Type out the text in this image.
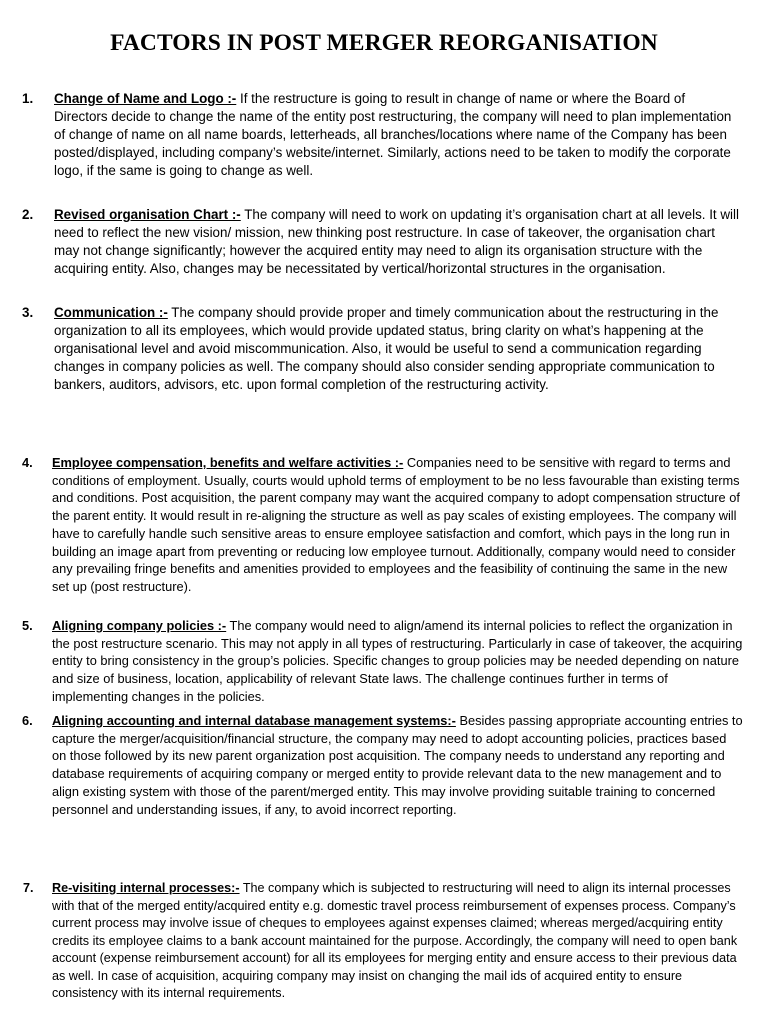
FACTORS IN POST MERGER REORGANISATION
1. Change of Name and Logo :- If the restructure is going to result in change of name or where the Board of Directors decide to change the name of the entity post restructuring, the company will need to plan implementation of change of name on all name boards, letterheads, all branches/locations where name of the Company has been posted/displayed, including company’s website/internet. Similarly, actions need to be taken to modify the corporate logo, if the same is going to change as well.
2. Revised organisation Chart :- The company will need to work on updating it’s organisation chart at all levels. It will need to reflect the new vision/ mission, new thinking post restructure. In case of takeover, the organisation chart may not change significantly; however the acquired entity may need to align its organisation structure with the acquiring entity. Also, changes may be necessitated by vertical/horizontal structures in the organisation.
3. Communication :- The company should provide proper and timely communication about the restructuring in the organization to all its employees, which would provide updated status, bring clarity on what’s happening at the organisational level and avoid miscommunication. Also, it would be useful to send a communication regarding changes in company policies as well. The company should also consider sending appropriate communication to bankers, auditors, advisors, etc. upon formal completion of the restructuring activity.
4. Employee compensation, benefits and welfare activities :- Companies need to be sensitive with regard to terms and conditions of employment. Usually, courts would uphold terms of employment to be no less favourable than existing terms and conditions. Post acquisition, the parent company may want the acquired company to adopt compensation structure of the parent entity. It would result in re-aligning the structure as well as pay scales of existing employees. The company will have to carefully handle such sensitive areas to ensure employee satisfaction and comfort, which pays in the long run in building an image apart from preventing or reducing low employee turnout. Additionally, company would need to consider any prevailing fringe benefits and amenities provided to employees and the feasibility of continuing the same in the new set up (post restructure).
5. Aligning company policies :- The company would need to align/amend its internal policies to reflect the organization in the post restructure scenario. This may not apply in all types of restructuring. Particularly in case of takeover, the acquiring entity to bring consistency in the group’s policies. Specific changes to group policies may be needed depending on nature and size of business, location, applicability of relevant State laws. The challenge continues further in terms of implementing changes in the policies.
6. Aligning accounting and internal database management systems:- Besides passing appropriate accounting entries to capture the merger/acquisition/financial structure, the company may need to adopt accounting policies, practices based on those followed by its new parent organization post acquisition. The company needs to understand any reporting and database requirements of acquiring company or merged entity to provide relevant data to the new management and to align existing system with those of the parent/merged entity. This may involve providing suitable training to concerned personnel and understanding issues, if any, to avoid incorrect reporting.
7. Re-visiting internal processes:- The company which is subjected to restructuring will need to align its internal processes with that of the merged entity/acquired entity e.g. domestic travel process reimbursement of expenses process. Company’s current process may involve issue of cheques to employees against expenses claimed; whereas merged/acquiring entity credits its employee claims to a bank account maintained for the purpose. Accordingly, the company will need to open bank account (expense reimbursement account) for all its employees for merging entity and ensure access to their previous data as well. In case of acquisition, acquiring company may insist on changing the mail ids of acquired entity to ensure consistency with its internal requirements.
